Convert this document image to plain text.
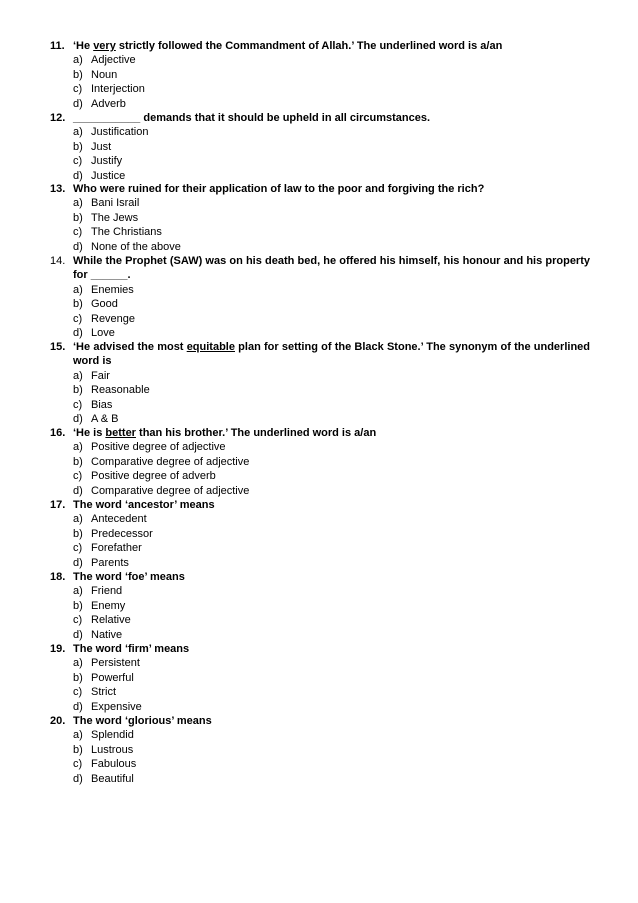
11. ‘He very strictly followed the Commandment of Allah.’ The underlined word is a/an
a) Adjective
b) Noun
c) Interjection
d) Adverb
12. ___________ demands that it should be upheld in all circumstances.
a) Justification
b) Just
c) Justify
d) Justice
13. Who were ruined for their application of law to the poor and forgiving the rich?
a) Bani Israil
b) The Jews
c) The Christians
d) None of the above
14. While the Prophet (SAW) was on his death bed, he offered his himself, his honour and his property for ______.
a) Enemies
b) Good
c) Revenge
d) Love
15. ‘He advised the most equitable plan for setting of the Black Stone.’ The synonym of the underlined word is
a) Fair
b) Reasonable
c) Bias
d) A & B
16. ‘He is better than his brother.’ The underlined word is a/an
a) Positive degree of adjective
b) Comparative degree of adjective
c) Positive degree of adverb
d) Comparative degree of adjective
17. The word ‘ancestor’ means
a) Antecedent
b) Predecessor
c) Forefather
d) Parents
18. The word ‘foe’ means
a) Friend
b) Enemy
c) Relative
d) Native
19. The word ‘firm’ means
a) Persistent
b) Powerful
c) Strict
d) Expensive
20. The word ‘glorious’ means
a) Splendid
b) Lustrous
c) Fabulous
d) Beautiful
